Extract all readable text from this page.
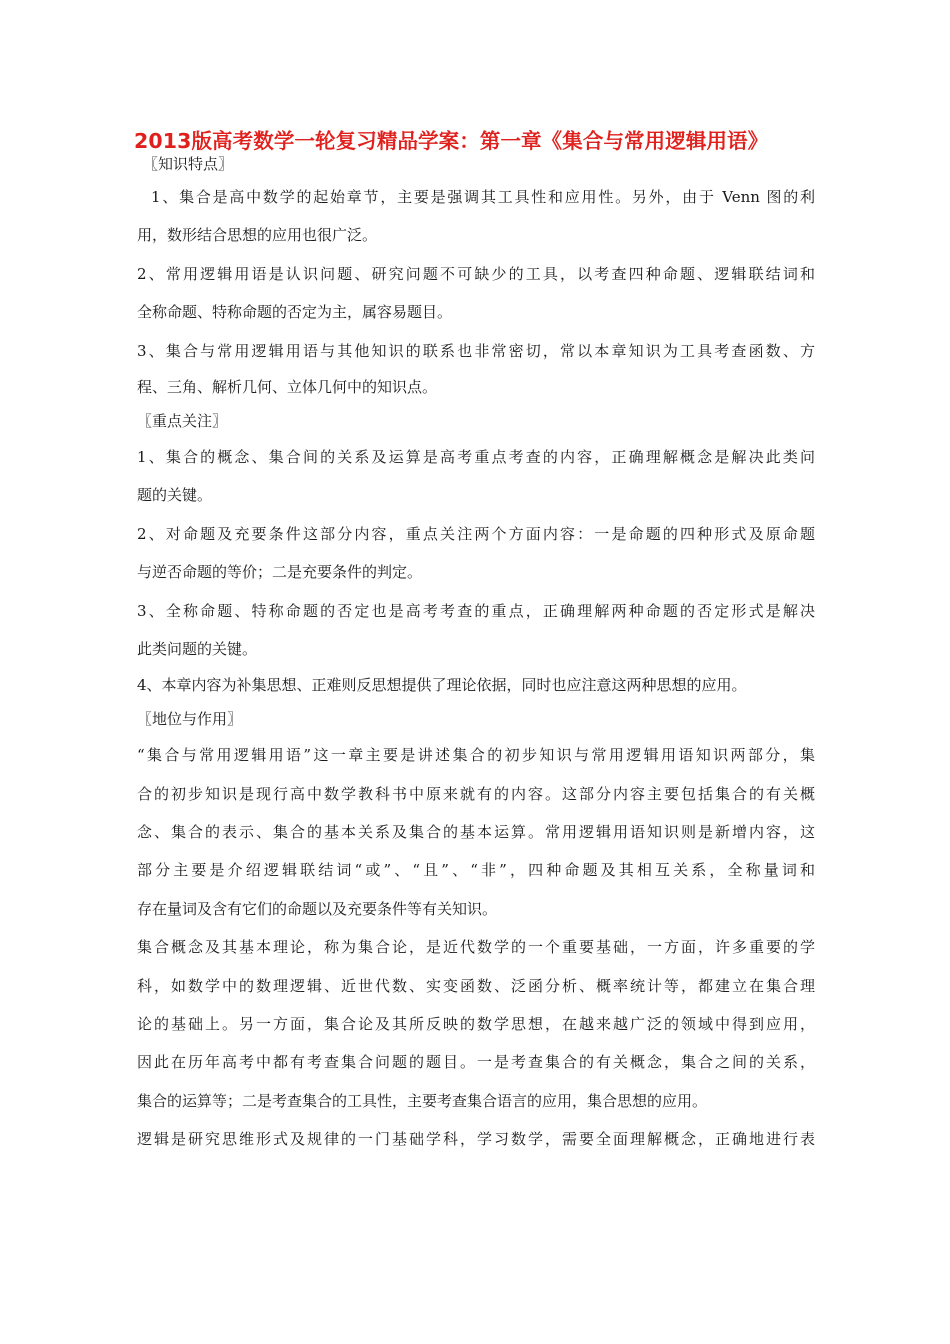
2013版高考数学一轮复习精品学案：第一章《集合与常用逻辑用语》
〖知识特点〗
1、集合是高中数学的起始章节，主要是强调其工具性和应用性。另外，由于 Venn 图的利
用，数形结合思想的应用也很广泛。
2、常用逻辑用语是认识问题、研究问题不可缺少的工具，以考查四种命题、逻辑联结词和
全称命题、特称命题的否定为主，属容易题目。
3、集合与常用逻辑用语与其他知识的联系也非常密切，常以本章知识为工具考查函数、方
程、三角、解析几何、立体几何中的知识点。
〖重点关注〗
1、集合的概念、集合间的关系及运算是高考重点考查的内容，正确理解概念是解决此类问
题的关键。
2、对命题及充要条件这部分内容，重点关注两个方面内容：一是命题的四种形式及原命题
与逆否命题的等价；二是充要条件的判定。
3、全称命题、特称命题的否定也是高考考查的重点，正确理解两种命题的否定形式是解决
此类问题的关键。
4、本章内容为补集思想、正难则反思想提供了理论依据，同时也应注意这两种思想的应用。
〖地位与作用〗
“集合与常用逻辑用语”这一章主要是讲述集合的初步知识与常用逻辑用语知识两部分，集
合的初步知识是现行高中数学教科书中原来就有的内容。这部分内容主要包括集合的有关概
念、集合的表示、集合的基本关系及集合的基本运算。常用逻辑用语知识则是新增内容，这
部分主要是介绍逻辑联结词“或”、“且”、“非”，四种命题及其相互关系，全称量词和
存在量词及含有它们的命题以及充要条件等有关知识。
集合概念及其基本理论，称为集合论，是近代数学的一个重要基础，一方面，许多重要的学
科，如数学中的数理逻辑、近世代数、实变函数、泛函分析、概率统计等，都建立在集合理
论的基础上。另一方面，集合论及其所反映的数学思想，在越来越广泛的领域中得到应用，
因此在历年高考中都有考查集合问题的题目。一是考查集合的有关概念，集合之间的关系，
集合的运算等；二是考查集合的工具性，主要考查集合语言的应用，集合思想的应用。
逻辑是研究思维形式及规律的一门基础学科，学习数学，需要全面理解概念，正确地进行表
